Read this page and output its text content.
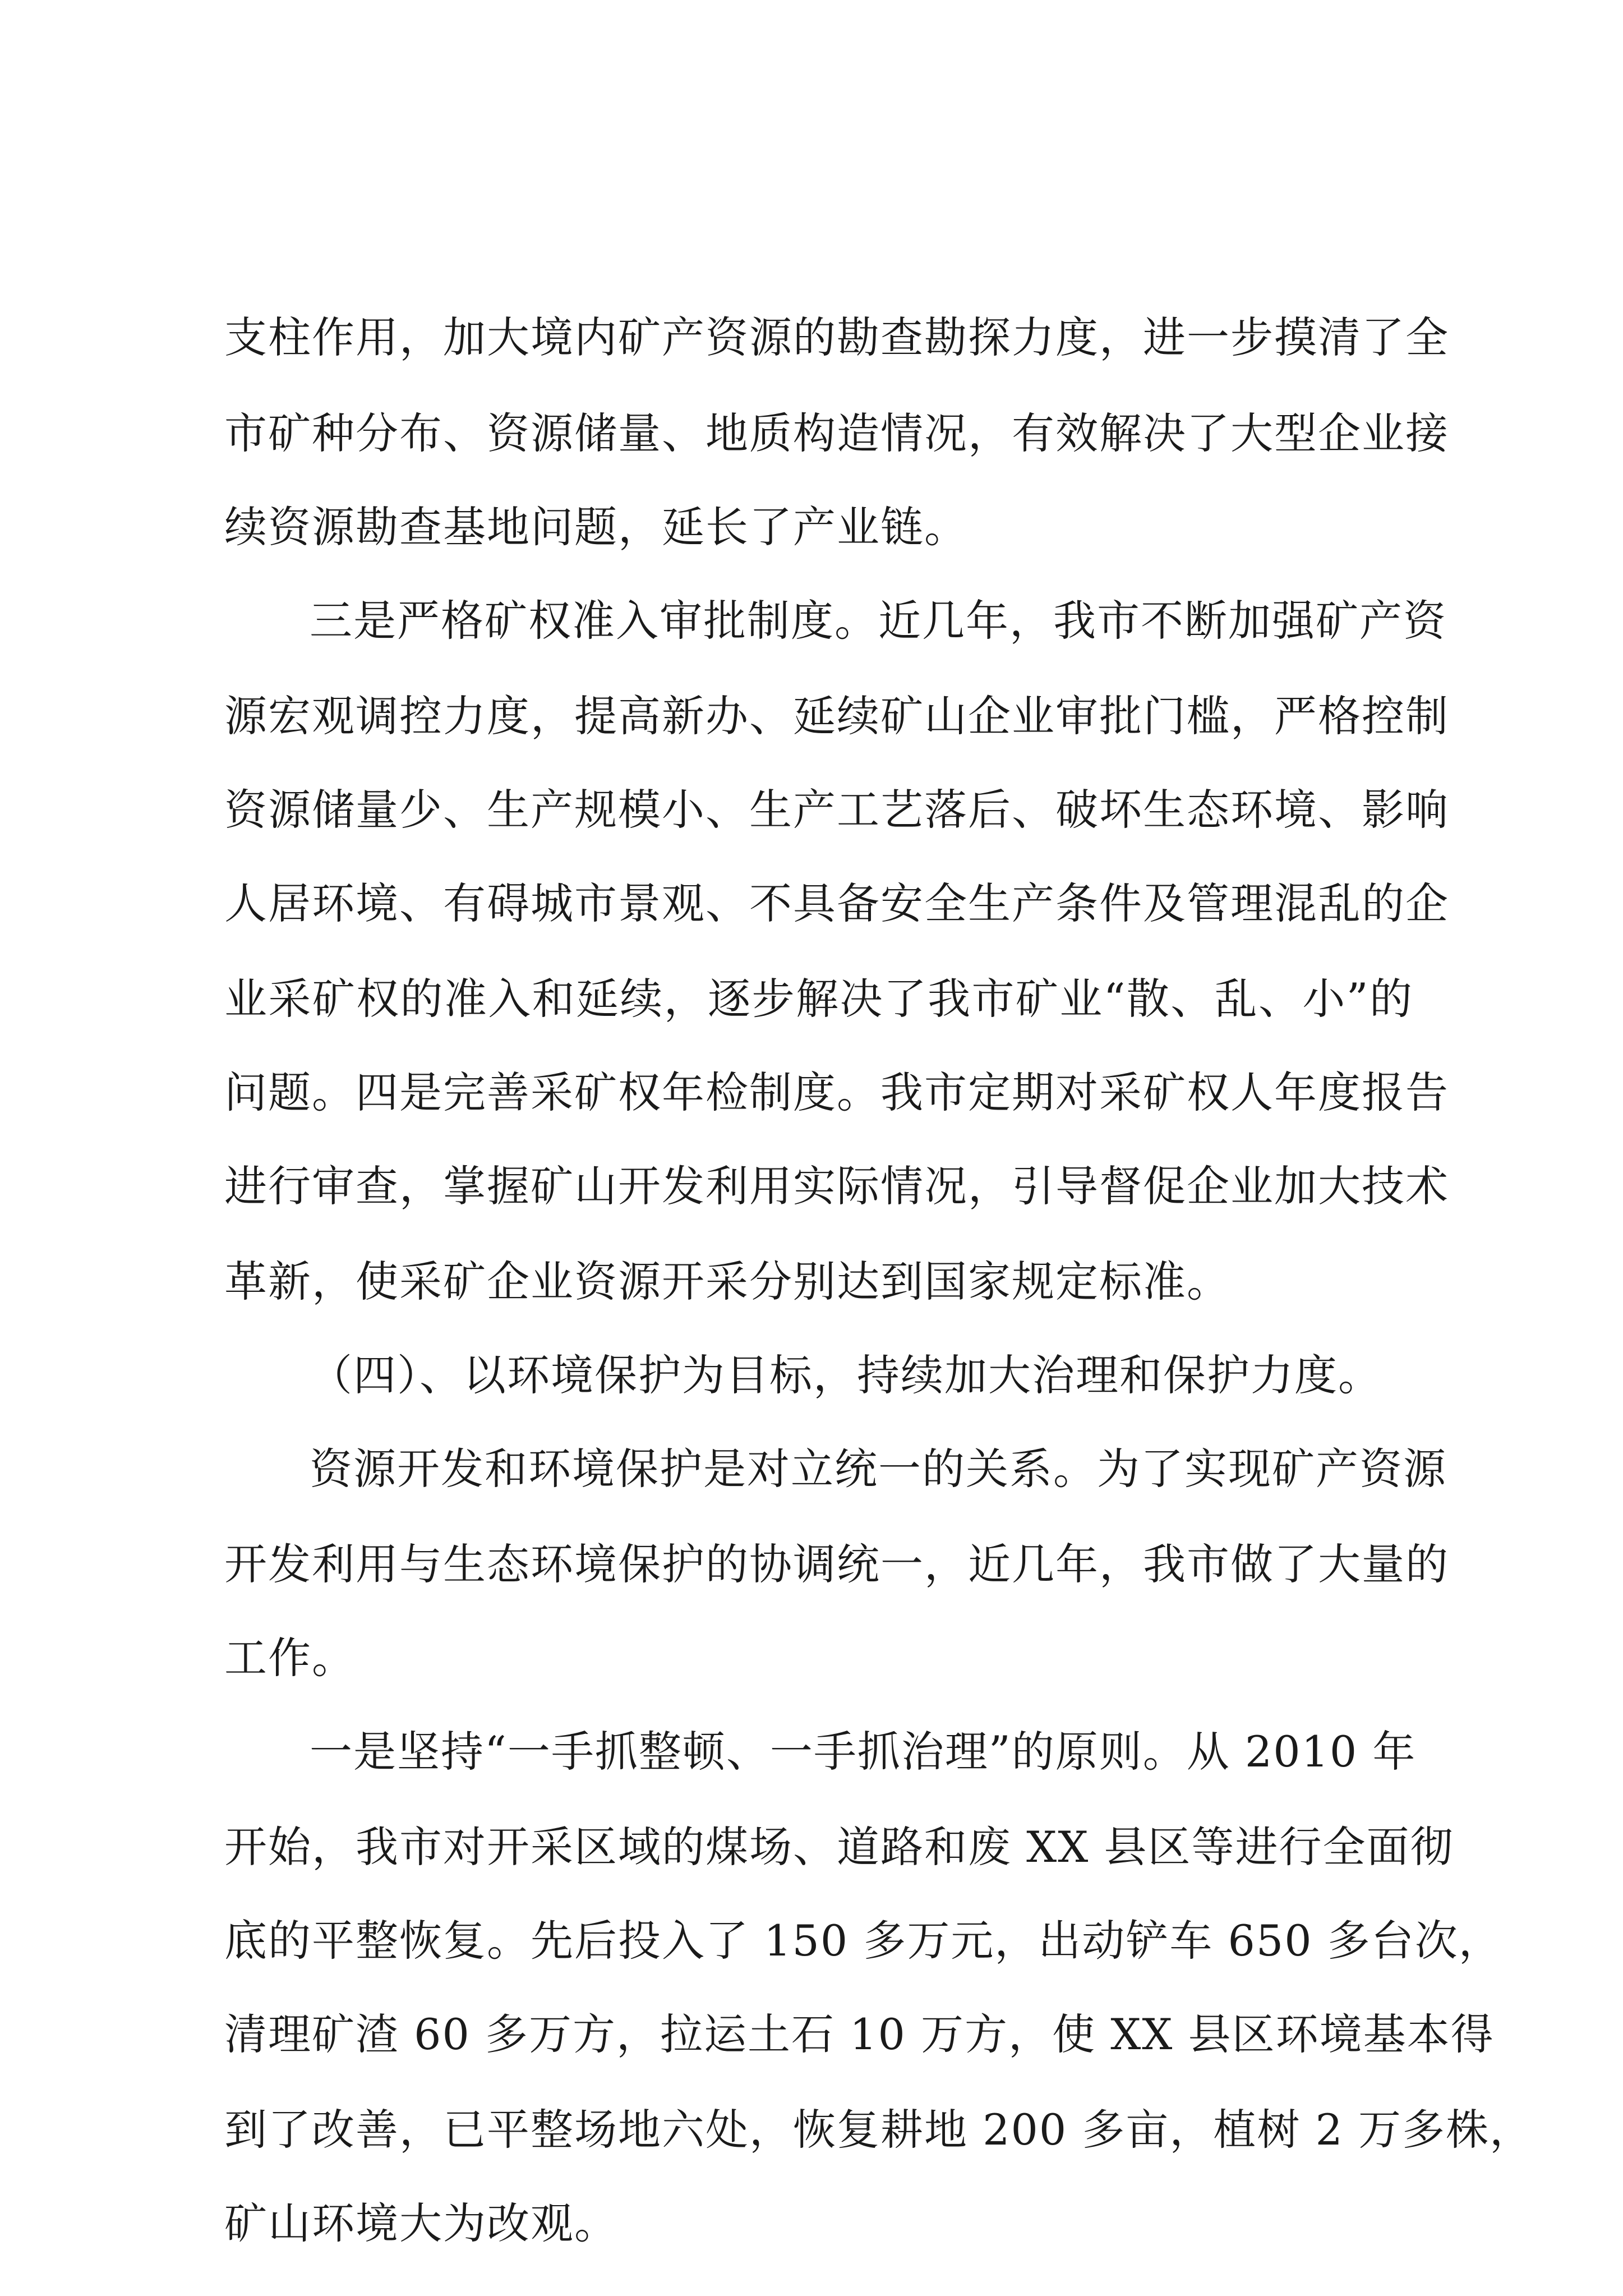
支柱作用，加大境内矿产资源的勘查勘探力度，进一步摸清了全
市矿种分布、资源储量、地质构造情况，有效解决了大型企业接
续资源勘查基地问题，延长了产业链。
三是严格矿权准入审批制度。近几年，我市不断加强矿产资
源宏观调控力度，提高新办、延续矿山企业审批门槛，严格控制
资源储量少、生产规模小、生产工艺落后、破坏生态环境、影响
人居环境、有碍城市景观、不具备安全生产条件及管理混乱的企
业采矿权的准入和延续，逐步解决了我市矿业“散、乱、小”的
问题。四是完善采矿权年检制度。我市定期对采矿权人年度报告
进行审查，掌握矿山开发利用实际情况，引导督促企业加大技术
革新，使采矿企业资源开采分别达到国家规定标准。
（四）、以环境保护为目标，持续加大治理和保护力度。
资源开发和环境保护是对立统一的关系。为了实现矿产资源
开发利用与生态环境保护的协调统一，近几年，我市做了大量的
工作。
一是坚持“一手抓整顿、一手抓治理”的原则。从 2010 年
开始，我市对开采区域的煤场、道路和废 XX 县区等进行全面彻
底的平整恢复。先后投入了 150 多万元，出动铲车 650 多台次，
清理矿渣 60 多万方，拉运土石 10 万方，使 XX 县区环境基本得
到了改善，已平整场地六处，恢复耕地 200 多亩，植树 2 万多株，
矿山环境大为改观。
